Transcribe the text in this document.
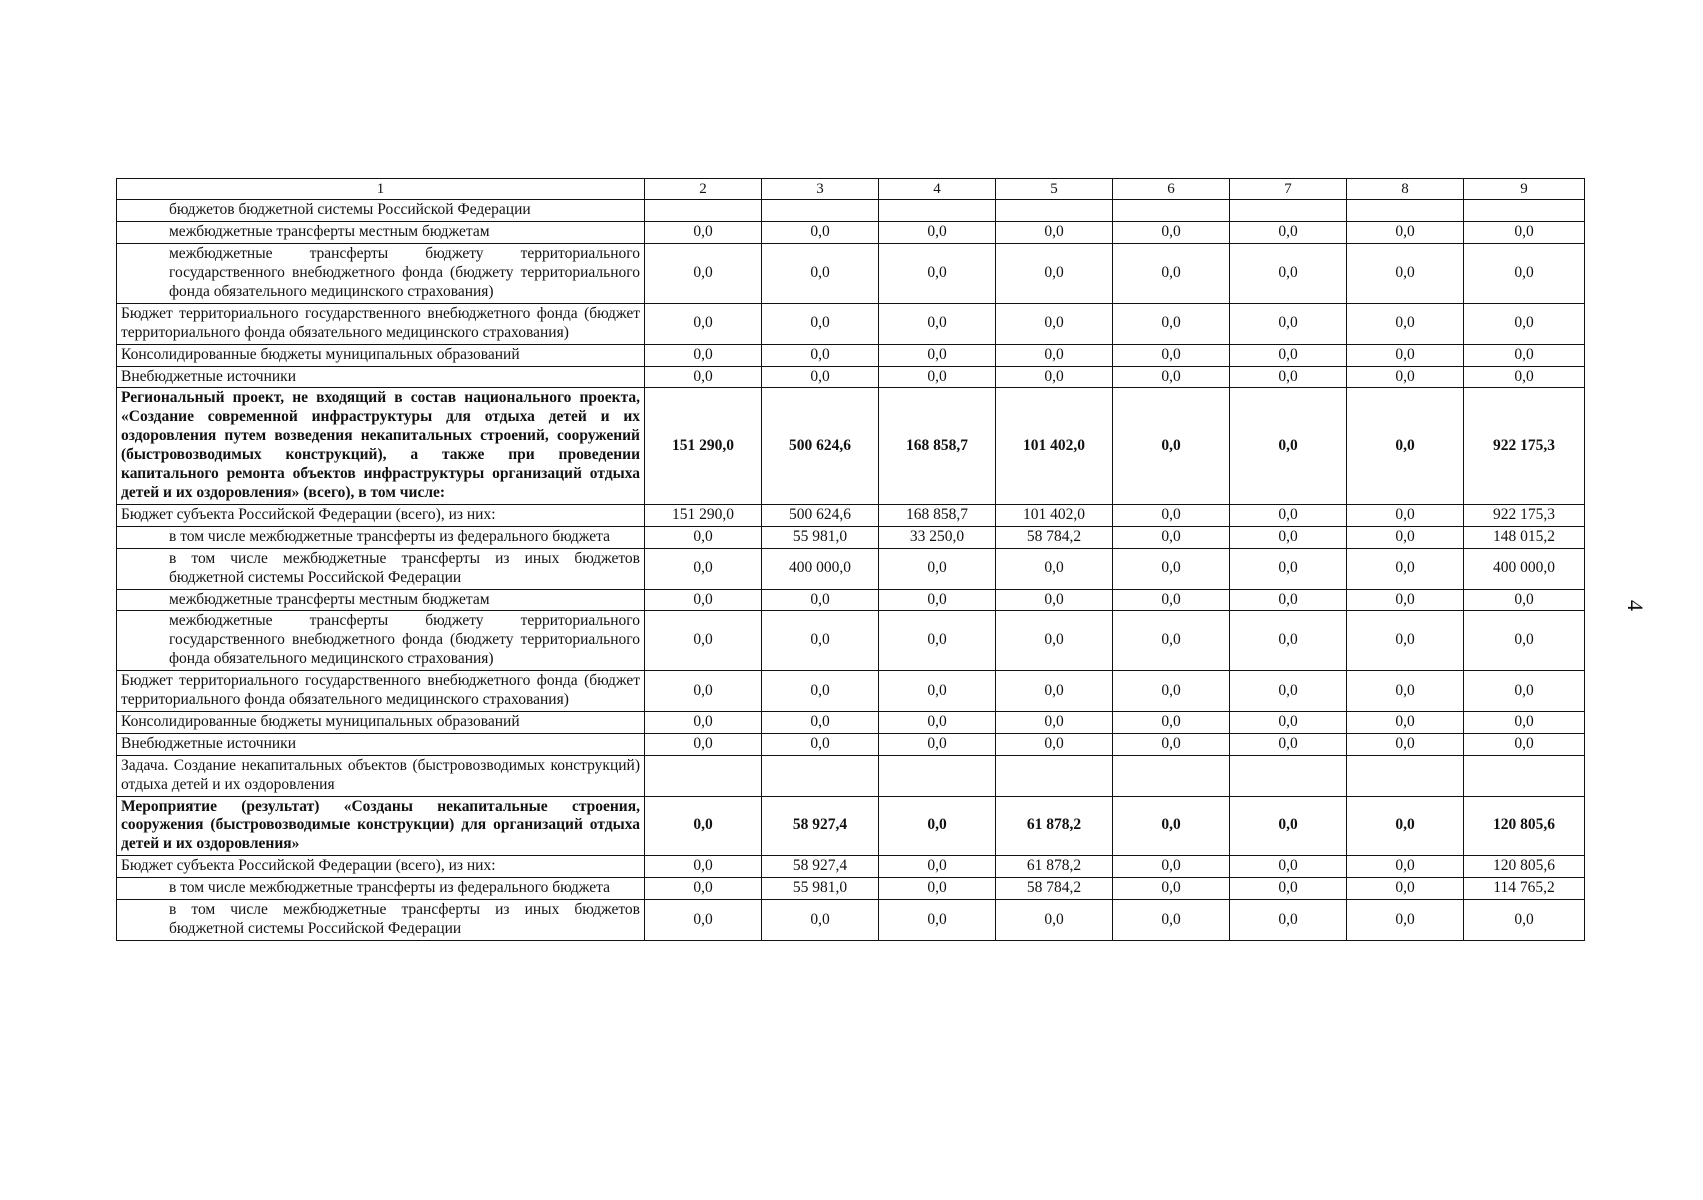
4
1	2	3	4	5	6	7	8	9
бюджетов бюджетной системы Российской Федерации								
межбюджетные трансферты местным бюджетам	0,0	0,0	0,0	0,0	0,0	0,0	0,0	0,0
межбюджетные трансферты бюджету территориального государственного внебюджетного фонда (бюджету территориального фонда обязательного медицинского страхования)	0,0	0,0	0,0	0,0	0,0	0,0	0,0	0,0
Бюджет территориального государственного внебюджетного фонда (бюджет территориального фонда обязательного медицинского страхования)	0,0	0,0	0,0	0,0	0,0	0,0	0,0	0,0
Консолидированные бюджеты муниципальных образований	0,0	0,0	0,0	0,0	0,0	0,0	0,0	0,0
Внебюджетные источники	0,0	0,0	0,0	0,0	0,0	0,0	0,0	0,0
Региональный проект, не входящий в состав национального проекта, «Создание современной инфраструктуры для отдыха детей и их оздоровления путем возведения некапитальных строений, сооружений (быстровозводимых конструкций), а также при проведении капитального ремонта объектов инфраструктуры организаций отдыха детей и их оздоровления» (всего), в том числе:	151 290,0	500 624,6	168 858,7	101 402,0	0,0	0,0	0,0	922 175,3
Бюджет субъекта Российской Федерации (всего), из них:	151 290,0	500 624,6	168 858,7	101 402,0	0,0	0,0	0,0	922 175,3
в том числе межбюджетные трансферты из федерального бюджета	0,0	55 981,0	33 250,0	58 784,2	0,0	0,0	0,0	148 015,2
в том числе межбюджетные трансферты из иных бюджетов бюджетной системы Российской Федерации	0,0	400 000,0	0,0	0,0	0,0	0,0	0,0	400 000,0
межбюджетные трансферты местным бюджетам	0,0	0,0	0,0	0,0	0,0	0,0	0,0	0,0
межбюджетные трансферты бюджету территориального государственного внебюджетного фонда (бюджету территориального фонда обязательного медицинского страхования)	0,0	0,0	0,0	0,0	0,0	0,0	0,0	0,0
Бюджет территориального государственного внебюджетного фонда (бюджет территориального фонда обязательного медицинского страхования)	0,0	0,0	0,0	0,0	0,0	0,0	0,0	0,0
Консолидированные бюджеты муниципальных образований	0,0	0,0	0,0	0,0	0,0	0,0	0,0	0,0
Внебюджетные источники	0,0	0,0	0,0	0,0	0,0	0,0	0,0	0,0
Задача. Создание некапитальных объектов (быстровозводимых конструкций) отдыха детей и их оздоровления								
Мероприятие (результат) «Созданы некапитальные строения, сооружения (быстровозводимые конструкции) для организаций отдыха детей и их оздоровления»	0,0	58 927,4	0,0	61 878,2	0,0	0,0	0,0	120 805,6
Бюджет субъекта Российской Федерации (всего), из них:	0,0	58 927,4	0,0	61 878,2	0,0	0,0	0,0	120 805,6
в том числе межбюджетные трансферты из федерального бюджета	0,0	55 981,0	0,0	58 784,2	0,0	0,0	0,0	114 765,2
в том числе межбюджетные трансферты из иных бюджетов бюджетной системы Российской Федерации	0,0	0,0	0,0	0,0	0,0	0,0	0,0	0,0
